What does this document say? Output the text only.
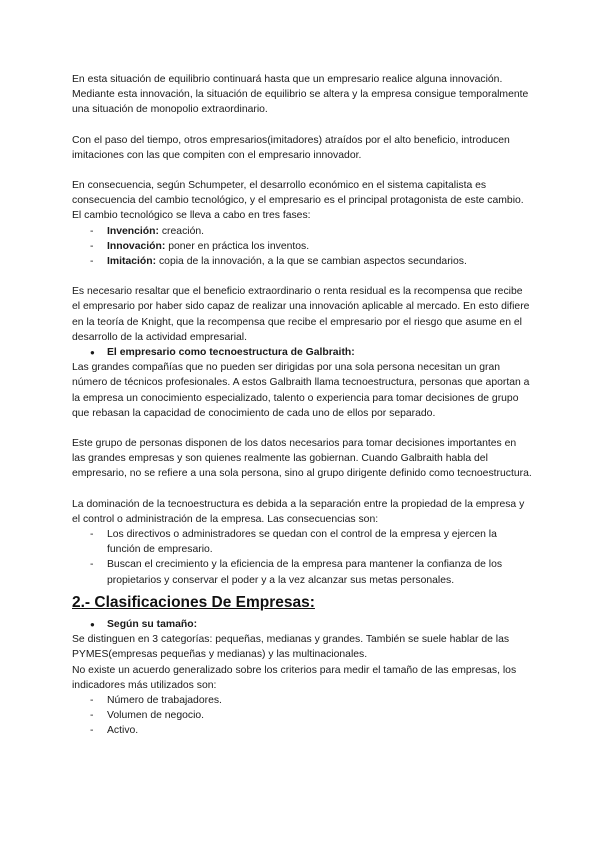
En esta situación de equilibrio continuará hasta que un empresario realice alguna innovación. Mediante esta innovación, la situación de equilibrio se altera y la empresa consigue temporalmente una situación de monopolio extraordinario.

Con el paso del tiempo, otros empresarios(imitadores) atraídos por el alto beneficio, introducen imitaciones con las que compiten con el empresario innovador.

En consecuencia, según Schumpeter, el desarrollo económico en el sistema capitalista es consecuencia del cambio tecnológico, y el empresario es el principal protagonista de este cambio. El cambio tecnológico se lleva a cabo en tres fases:

- Invención: creación.
- Innovación: poner en práctica los inventos.
- Imitación: copia de la innovación, a la que se cambian aspectos secundarios.

Es necesario resaltar que el beneficio extraordinario o renta residual es la recompensa que recibe el empresario por haber sido capaz de realizar una innovación aplicable al mercado. En esto difiere en la teoría de Knight, que la recompensa que recibe el empresario por el riesgo que asume en el desarrollo de la actividad empresarial.

● El empresario como tecnoestructura de Galbraith:

Las grandes compañías que no pueden ser dirigidas por una sola persona necesitan un gran número de técnicos profesionales. A estos Galbraith llama tecnoestructura, personas que aportan a la empresa un conocimiento especializado, talento o experiencia para tomar decisiones de grupo que rebasan la capacidad de conocimiento de cada uno de ellos por separado.

Este grupo de personas disponen de los datos necesarios para tomar decisiones importantes en las grandes empresas y son quienes realmente las gobiernan. Cuando Galbraith habla del empresario, no se refiere a una sola persona, sino al grupo dirigente definido como tecnoestructura.

La dominación de la tecnoestructura es debida a la separación entre la propiedad de la empresa y el control o administración de la empresa. Las consecuencias son:

- Los directivos o administradores se quedan con el control de la empresa y ejercen la función de empresario.
- Buscan el crecimiento y la eficiencia de la empresa para mantener la confianza de los propietarios y conservar el poder y a la vez alcanzar sus metas personales.
2.- Clasificaciones De Empresas:
● Según su tamaño:

Se distinguen en 3 categorías: pequeñas, medianas y grandes. También se suele hablar de las PYMES(empresas pequeñas y medianas) y las multinacionales.

No existe un acuerdo generalizado sobre los criterios para medir el tamaño de las empresas, los indicadores más utilizados son:

- Número de trabajadores.
- Volumen de negocio.
- Activo.
